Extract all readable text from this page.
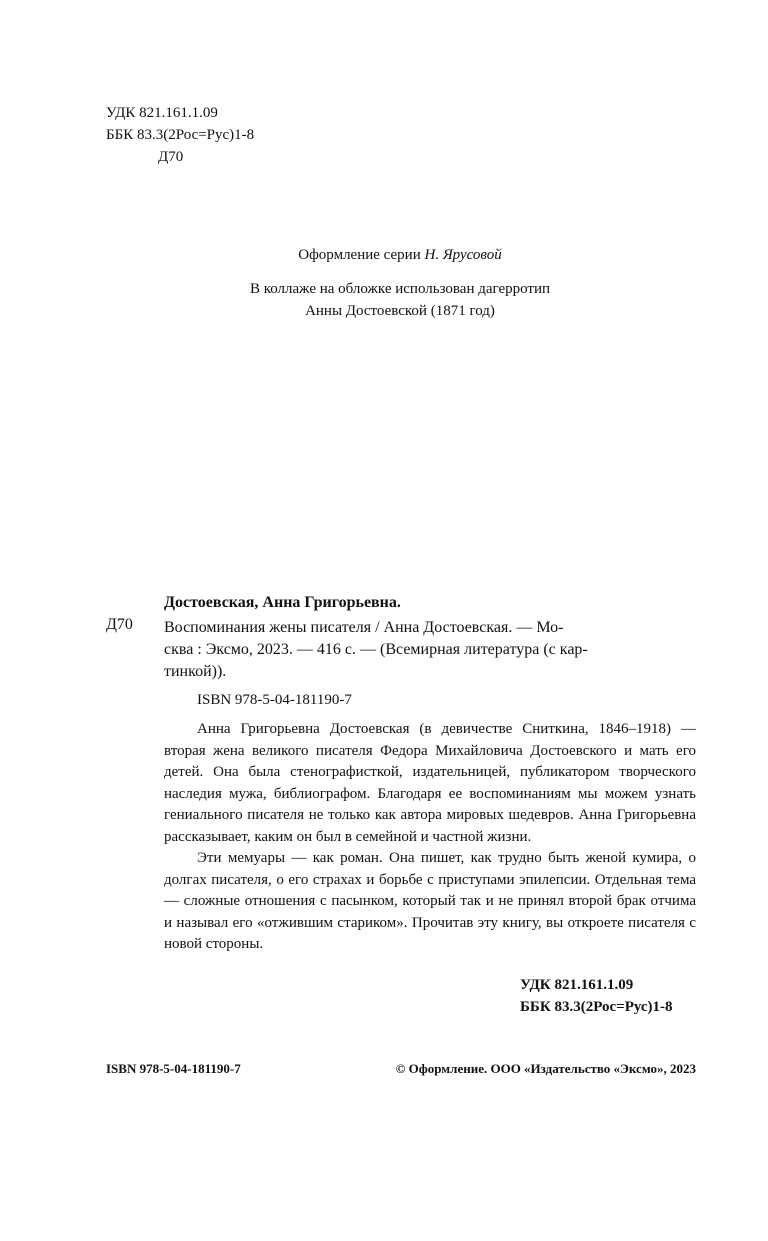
УДК 821.161.1.09
ББК 83.3(2Рос=Рус)1-8
Д70
Оформление серии Н. Ярусовой
В коллаже на обложке использован дагерротип
Анны Достоевской (1871 год)
Д70
Достоевская, Анна Григорьевна.
Воспоминания жены писателя / Анна Достоевская. — Мо-
сква : Эксмо, 2023. — 416 с. — (Всемирная литература (с кар-
тинкой)).
ISBN 978-5-04-181190-7

Анна Григорьевна Достоевская (в девичестве Сниткина, 1846–1918) — вторая жена великого писателя Федора Михайловича Достоевского и мать его детей. Она была стенографисткой, издательницей, публикатором творческого наследия мужа, библиографом. Благодаря ее воспоминаниям мы можем узнать гениального писателя не только как автора мировых шедевров. Анна Григорьевна рассказывает, каким он был в семейной и частной жизни.

Эти мемуары — как роман. Она пишет, как трудно быть женой кумира, о долгах писателя, о его страхах и борьбе с приступами эпилепсии. Отдельная тема — сложные отношения с пасынком, который так и не принял второй брак отчима и называл его «отжившим стариком». Прочитав эту книгу, вы откроете писателя с новой стороны.

УДК 821.161.1.09
ББК 83.3(2Рос=Рус)1-8
ISBN 978-5-04-181190-7	© Оформление. ООО «Издательство «Эксмо», 2023
